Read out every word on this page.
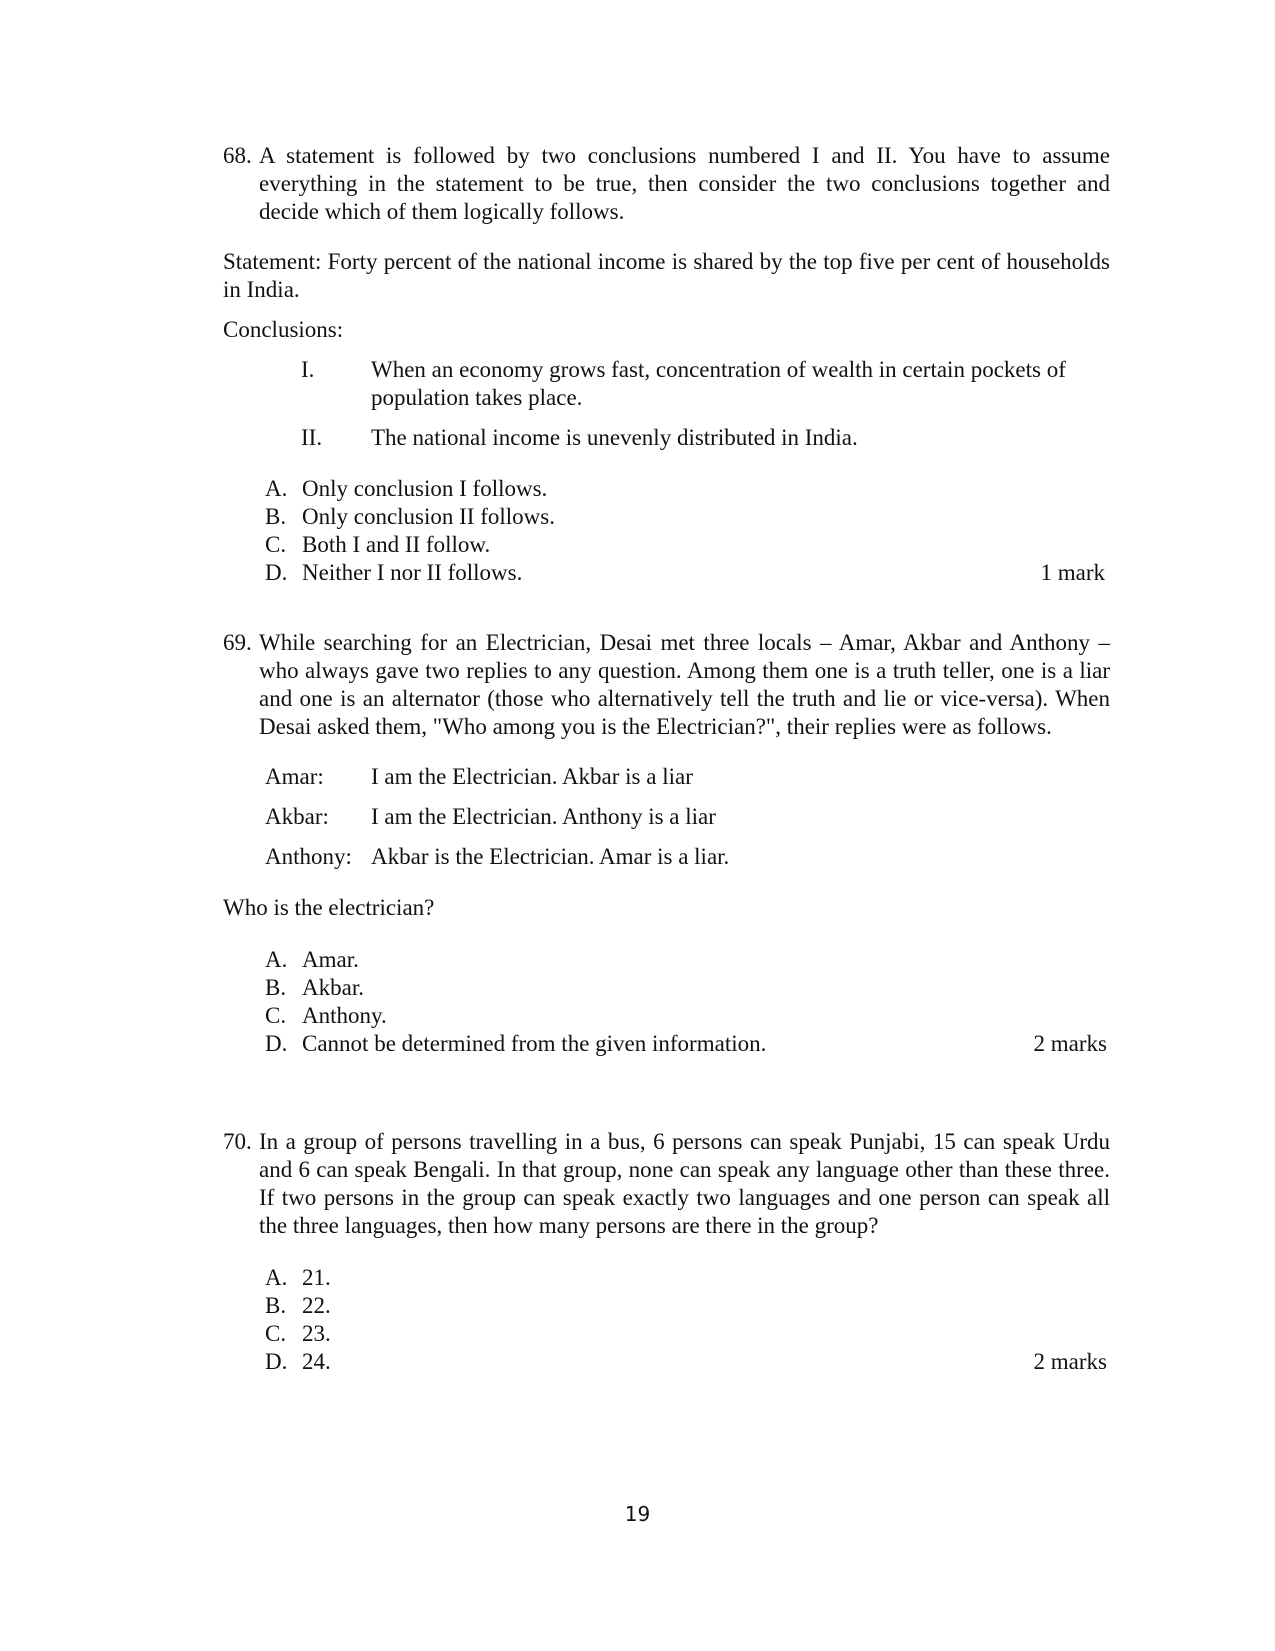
68. A statement is followed by two conclusions numbered I and II. You have to assume everything in the statement to be true, then consider the two conclusions together and decide which of them logically follows.

Statement: Forty percent of the national income is shared by the top five per cent of households in India.

Conclusions:

I.	When an economy grows fast, concentration of wealth in certain pockets of population takes place.
II.	The national income is unevenly distributed in India.
A. Only conclusion I follows.
B. Only conclusion II follows.
C. Both I and II follow.
D. Neither I nor II follows.	1 mark
69. While searching for an Electrician, Desai met three locals – Amar, Akbar and Anthony – who always gave two replies to any question. Among them one is a truth teller, one is a liar and one is an alternator (those who alternatively tell the truth and lie or vice-versa). When Desai asked them, "Who among you is the Electrician?", their replies were as follows.
Amar:	I am the Electrician. Akbar is a liar
Akbar:	I am the Electrician. Anthony is a liar
Anthony: Akbar is the Electrician. Amar is a liar.

Who is the electrician?

A. Amar.
B. Akbar.
C. Anthony.
D. Cannot be determined from the given information.	2 marks
70. In a group of persons travelling in a bus, 6 persons can speak Punjabi, 15 can speak Urdu and 6 can speak Bengali. In that group, none can speak any language other than these three. If two persons in the group can speak exactly two languages and one person can speak all the three languages, then how many persons are there in the group?
A. 21.
B. 22.
C. 23.
D. 24.	2 marks
19
